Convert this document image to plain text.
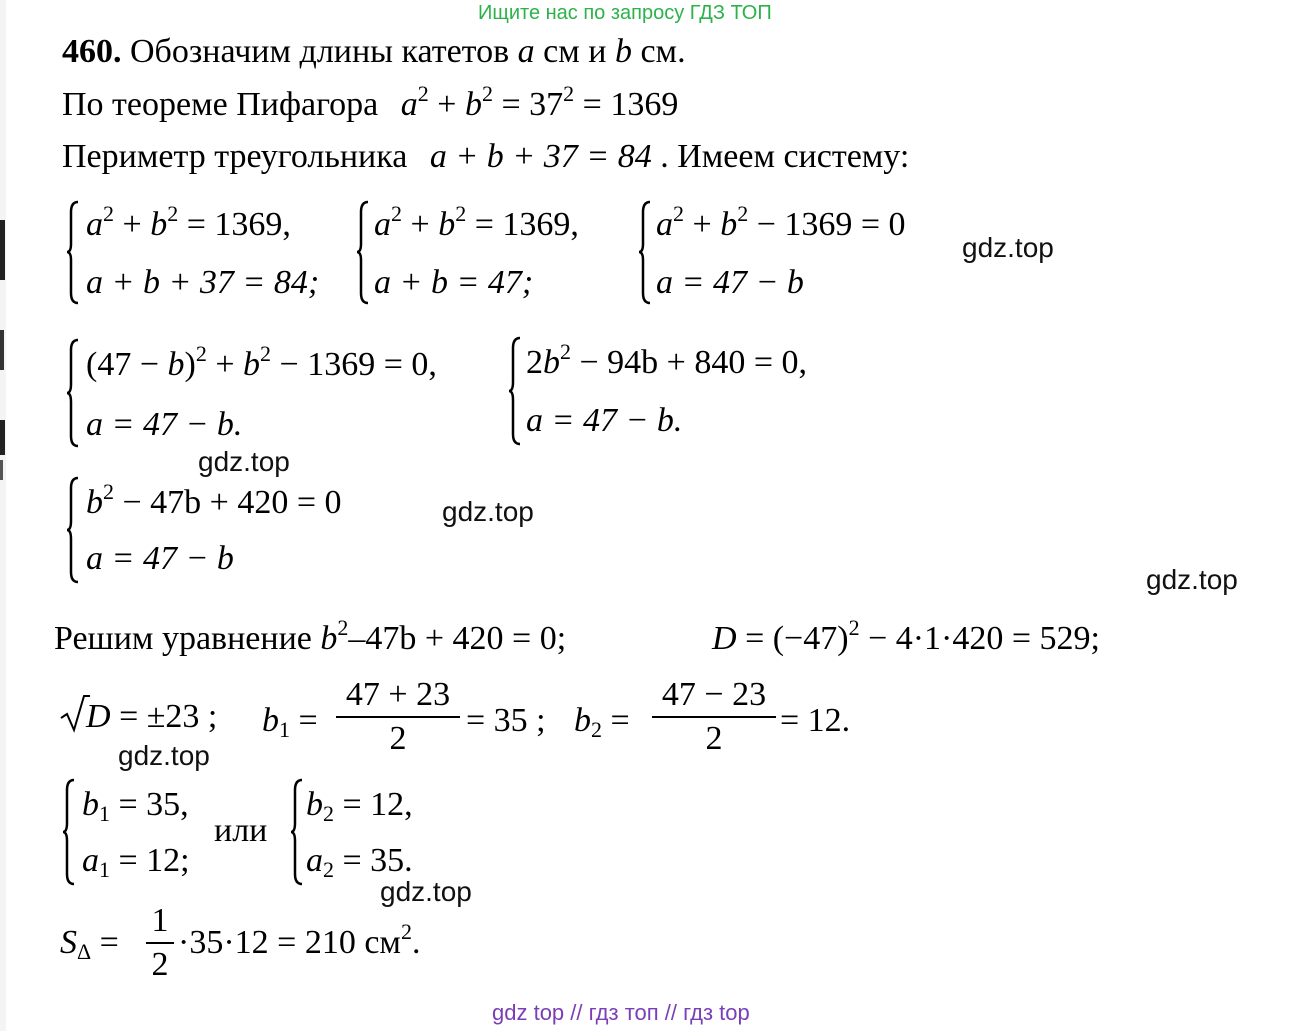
Ищите нас по запросу ГДЗ ТОП
460. Обозначим длины катетов a см и b см.
По теореме Пифагора $a^2 + b^2 = 37^2 = 1369$
Периметр треугольника a + b + 37 = 84 . Имеем систему:
$a^2 + b^2 = 1369$,
a + b + 37 = 84;
$a^2 + b^2 = 1369$,
a + b = 47;
$a^2 + b^2 - 1369 = 0$
a = 47 − b
gdz.top
$(47 - b)^2 + b^2 - 1369 = 0$,
a = 47 − b.
$2b^2 - 94b + 840 = 0$,
a = 47 − b.
gdz.top
$b^2 - 47b + 420 = 0$
a = 47 − b
gdz.top
gdz.top
Решим уравнение $b^2-47b + 420 = 0$;	$D = (-47)^2 - 4\cdot 1\cdot 420 = 529$;
D = ±23 ; $b_1$ =
47 + 23
2	= 35 ; $b_2$ =
47 − 23
2	= 12.
gdz.top
$b_1 = 35$,
$a_1 = 12$;
или
$b_2 = 12$,
$a_2 = 35$.
gdz.top
$S_\Delta$ =
1
2
·35·12 = 210 $см^2$.
gdz top // гдз топ // гдз top
